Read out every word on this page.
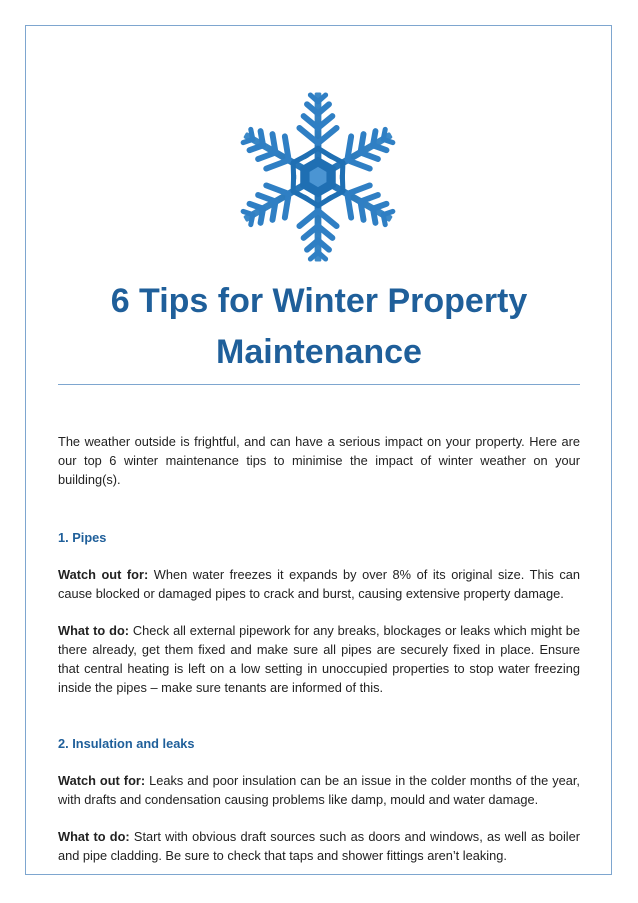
6 Tips for Winter Property
Maintenance

The weather outside is frightful, and can have a serious impact on your property. Here are our top 6 winter maintenance tips to minimise the impact of winter weather on your building(s).

1. Pipes

Watch out for: When water freezes it expands by over 8% of its original size. This can cause blocked or damaged pipes to crack and burst, causing extensive property damage.

What to do: Check all external pipework for any breaks, blockages or leaks which might be there already, get them fixed and make sure all pipes are securely fixed in place. Ensure that central heating is left on a low setting in unoccupied properties to stop water freezing inside the pipes – make sure tenants are informed of this.

2. Insulation and leaks

Watch out for: Leaks and poor insulation can be an issue in the colder months of the year, with drafts and condensation causing problems like damp, mould and water damage.

What to do: Start with obvious draft sources such as doors and windows, as well as boiler and pipe cladding. Be sure to check that taps and shower fittings aren’t leaking.
